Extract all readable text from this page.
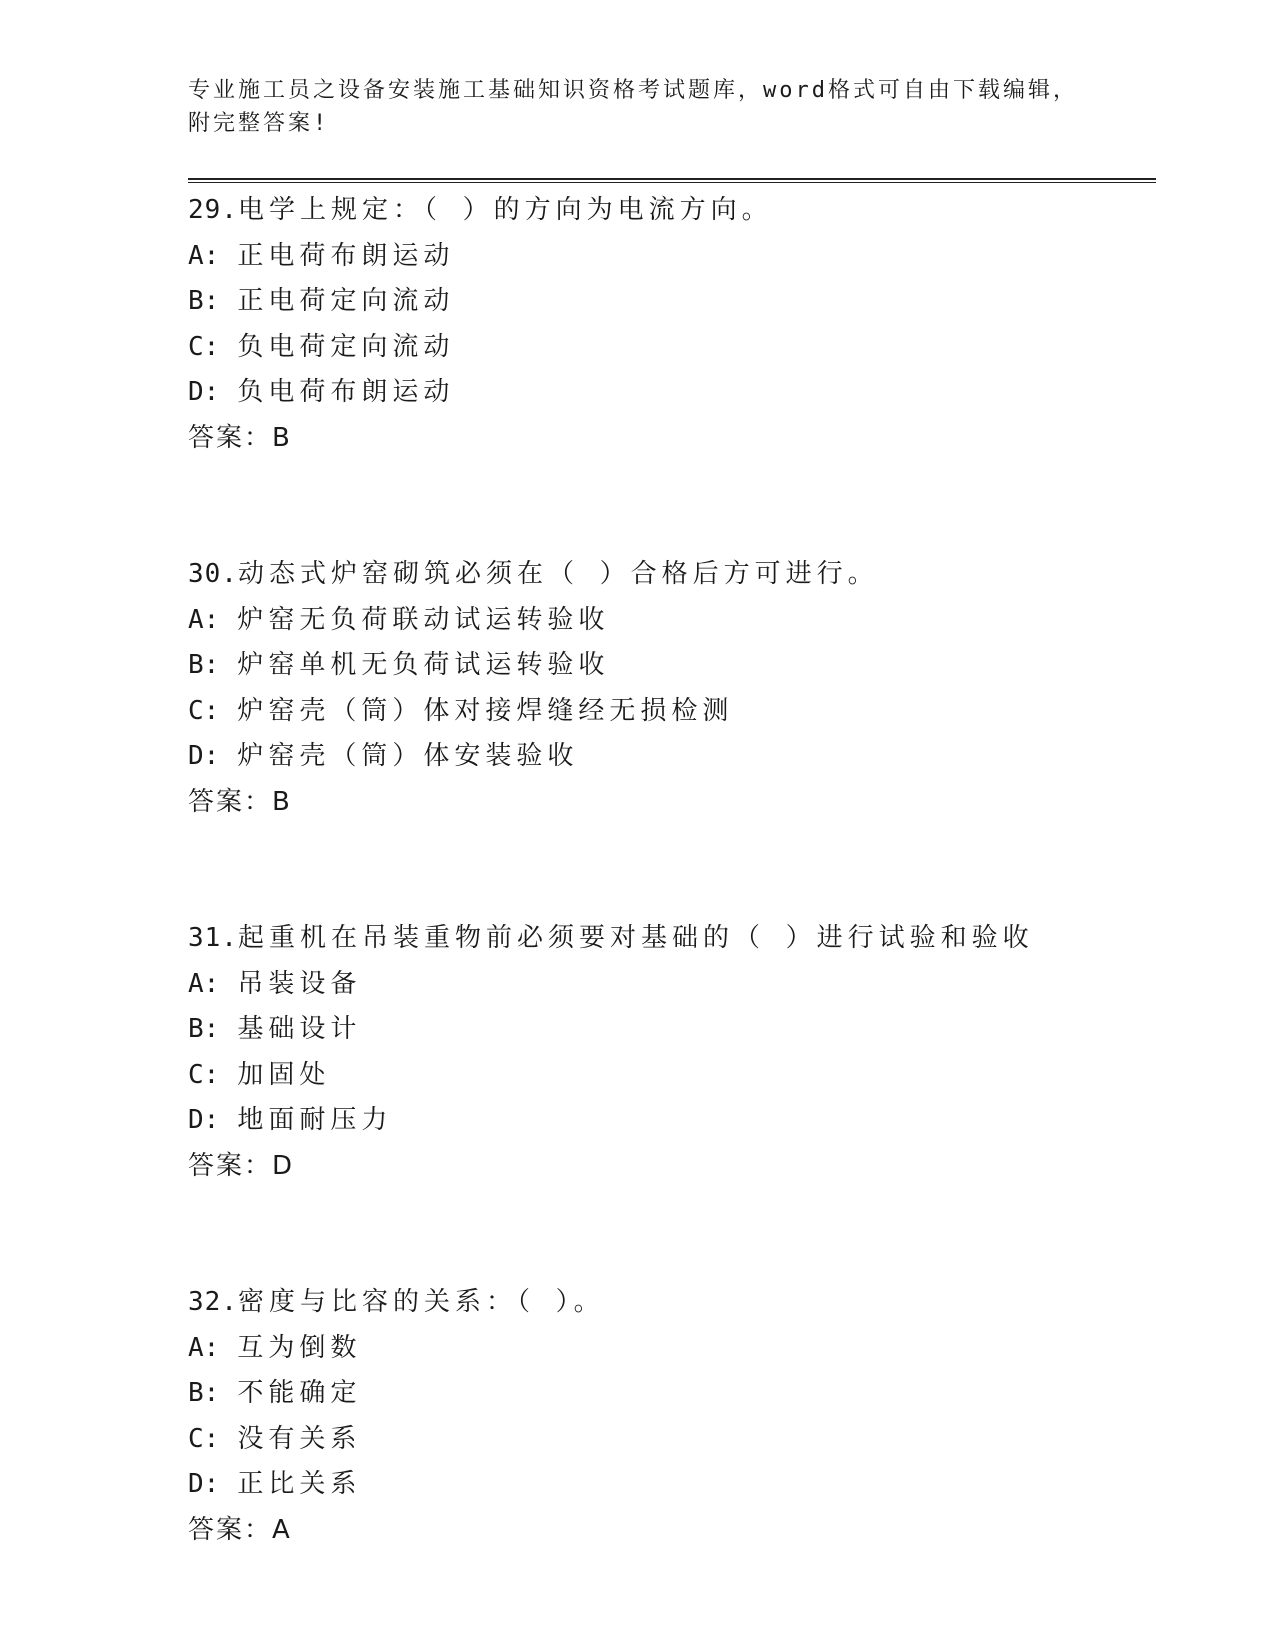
专业施工员之设备安装施工基础知识资格考试题库，word格式可自由下载编辑，
附完整答案!
29.电学上规定：（ ）的方向为电流方向。
A: 正电荷布朗运动
B: 正电荷定向流动
C: 负电荷定向流动
D: 负电荷布朗运动
答案：B
30.动态式炉窑砌筑必须在（ ）合格后方可进行。
A: 炉窑无负荷联动试运转验收
B: 炉窑单机无负荷试运转验收
C: 炉窑壳（筒）体对接焊缝经无损检测
D: 炉窑壳（筒）体安装验收
答案：B
31.起重机在吊装重物前必须要对基础的（ ）进行试验和验收
A: 吊装设备
B: 基础设计
C: 加固处
D: 地面耐压力
答案：D
32.密度与比容的关系：（ ）。
A: 互为倒数
B: 不能确定
C: 没有关系
D: 正比关系
答案：A
